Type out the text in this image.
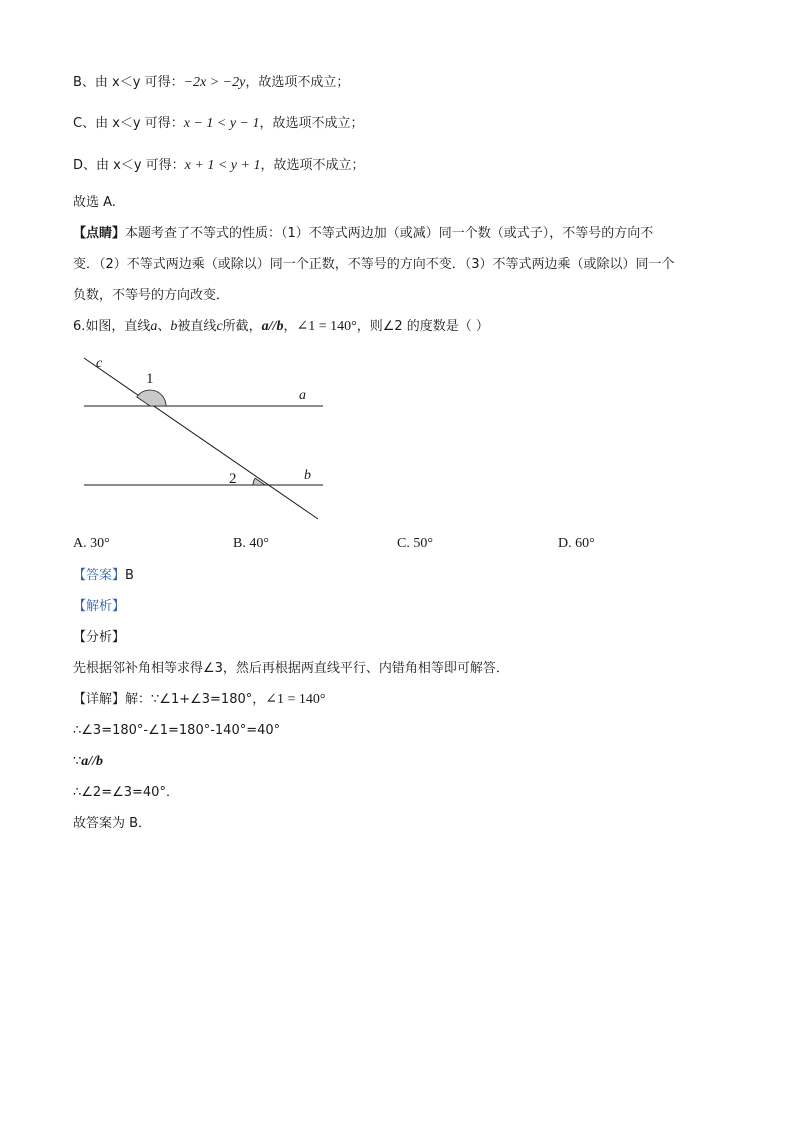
B、由 x＜y 可得：−2x > −2y，故选项不成立；
C、由 x＜y 可得：x − 1 < y − 1，故选项不成立；
D、由 x＜y 可得：x + 1 < y + 1，故选项不成立；
故选 A.
【点睛】本题考查了不等式的性质：（1）不等式两边加（或减）同一个数（或式子），不等号的方向不
变．（2）不等式两边乘（或除以）同一个正数，不等号的方向不变．（3）不等式两边乘（或除以）同一个
负数，不等号的方向改变．
6.如图，直线a、b被直线c所截，a//b，∠1 = 140°，则∠2 的度数是（ ）
c
1
a
2	b
A. 30°	B. 40°	C. 50°	D. 60°
【答案】B
【解析】
【分析】
先根据邻补角相等求得∠3，然后再根据两直线平行、内错角相等即可解答．
【详解】解：∵∠1+∠3=180°，∠1 = 140°
∴∠3=180°-∠1=180°-140°=40°
∵a//b
∴∠2=∠3=40°．
故答案为 B．
